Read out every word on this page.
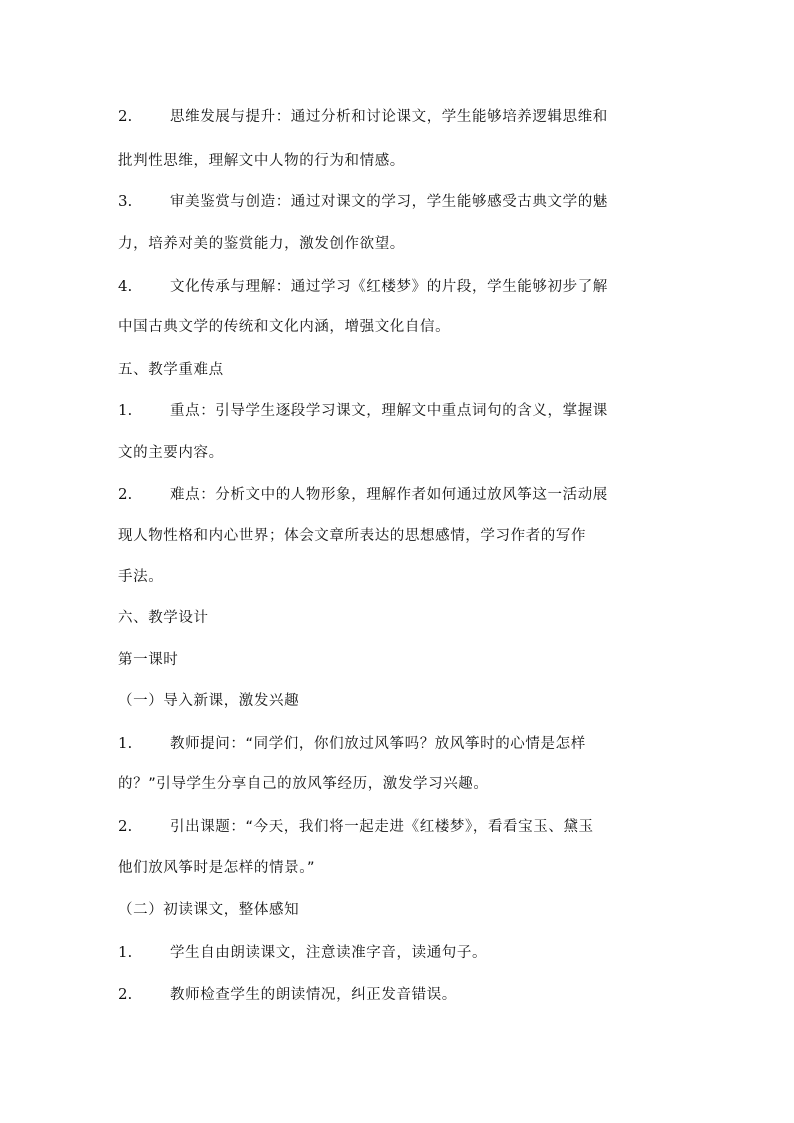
2.	思维发展与提升：通过分析和讨论课文，学生能够培养逻辑思维和
批判性思维，理解文中人物的行为和情感。
3.	审美鉴赏与创造：通过对课文的学习，学生能够感受古典文学的魅
力，培养对美的鉴赏能力，激发创作欲望。
4.	文化传承与理解：通过学习《红楼梦》的片段，学生能够初步了解
中国古典文学的传统和文化内涵，增强文化自信。
五、教学重难点
1.	重点：引导学生逐段学习课文，理解文中重点词句的含义，掌握课
文的主要内容。
2.	难点：分析文中的人物形象，理解作者如何通过放风筝这一活动展
现人物性格和内心世界；体会文章所表达的思想感情，学习作者的写作
手法。
六、教学设计
第一课时
（一）导入新课，激发兴趣
1.	教师提问：“同学们，你们放过风筝吗？放风筝时的心情是怎样
的？”引导学生分享自己的放风筝经历，激发学习兴趣。
2.	引出课题：“今天，我们将一起走进《红楼梦》，看看宝玉、黛玉
他们放风筝时是怎样的情景。”
（二）初读课文，整体感知
1.	学生自由朗读课文，注意读准字音，读通句子。
2.	教师检查学生的朗读情况，纠正发音错误。
